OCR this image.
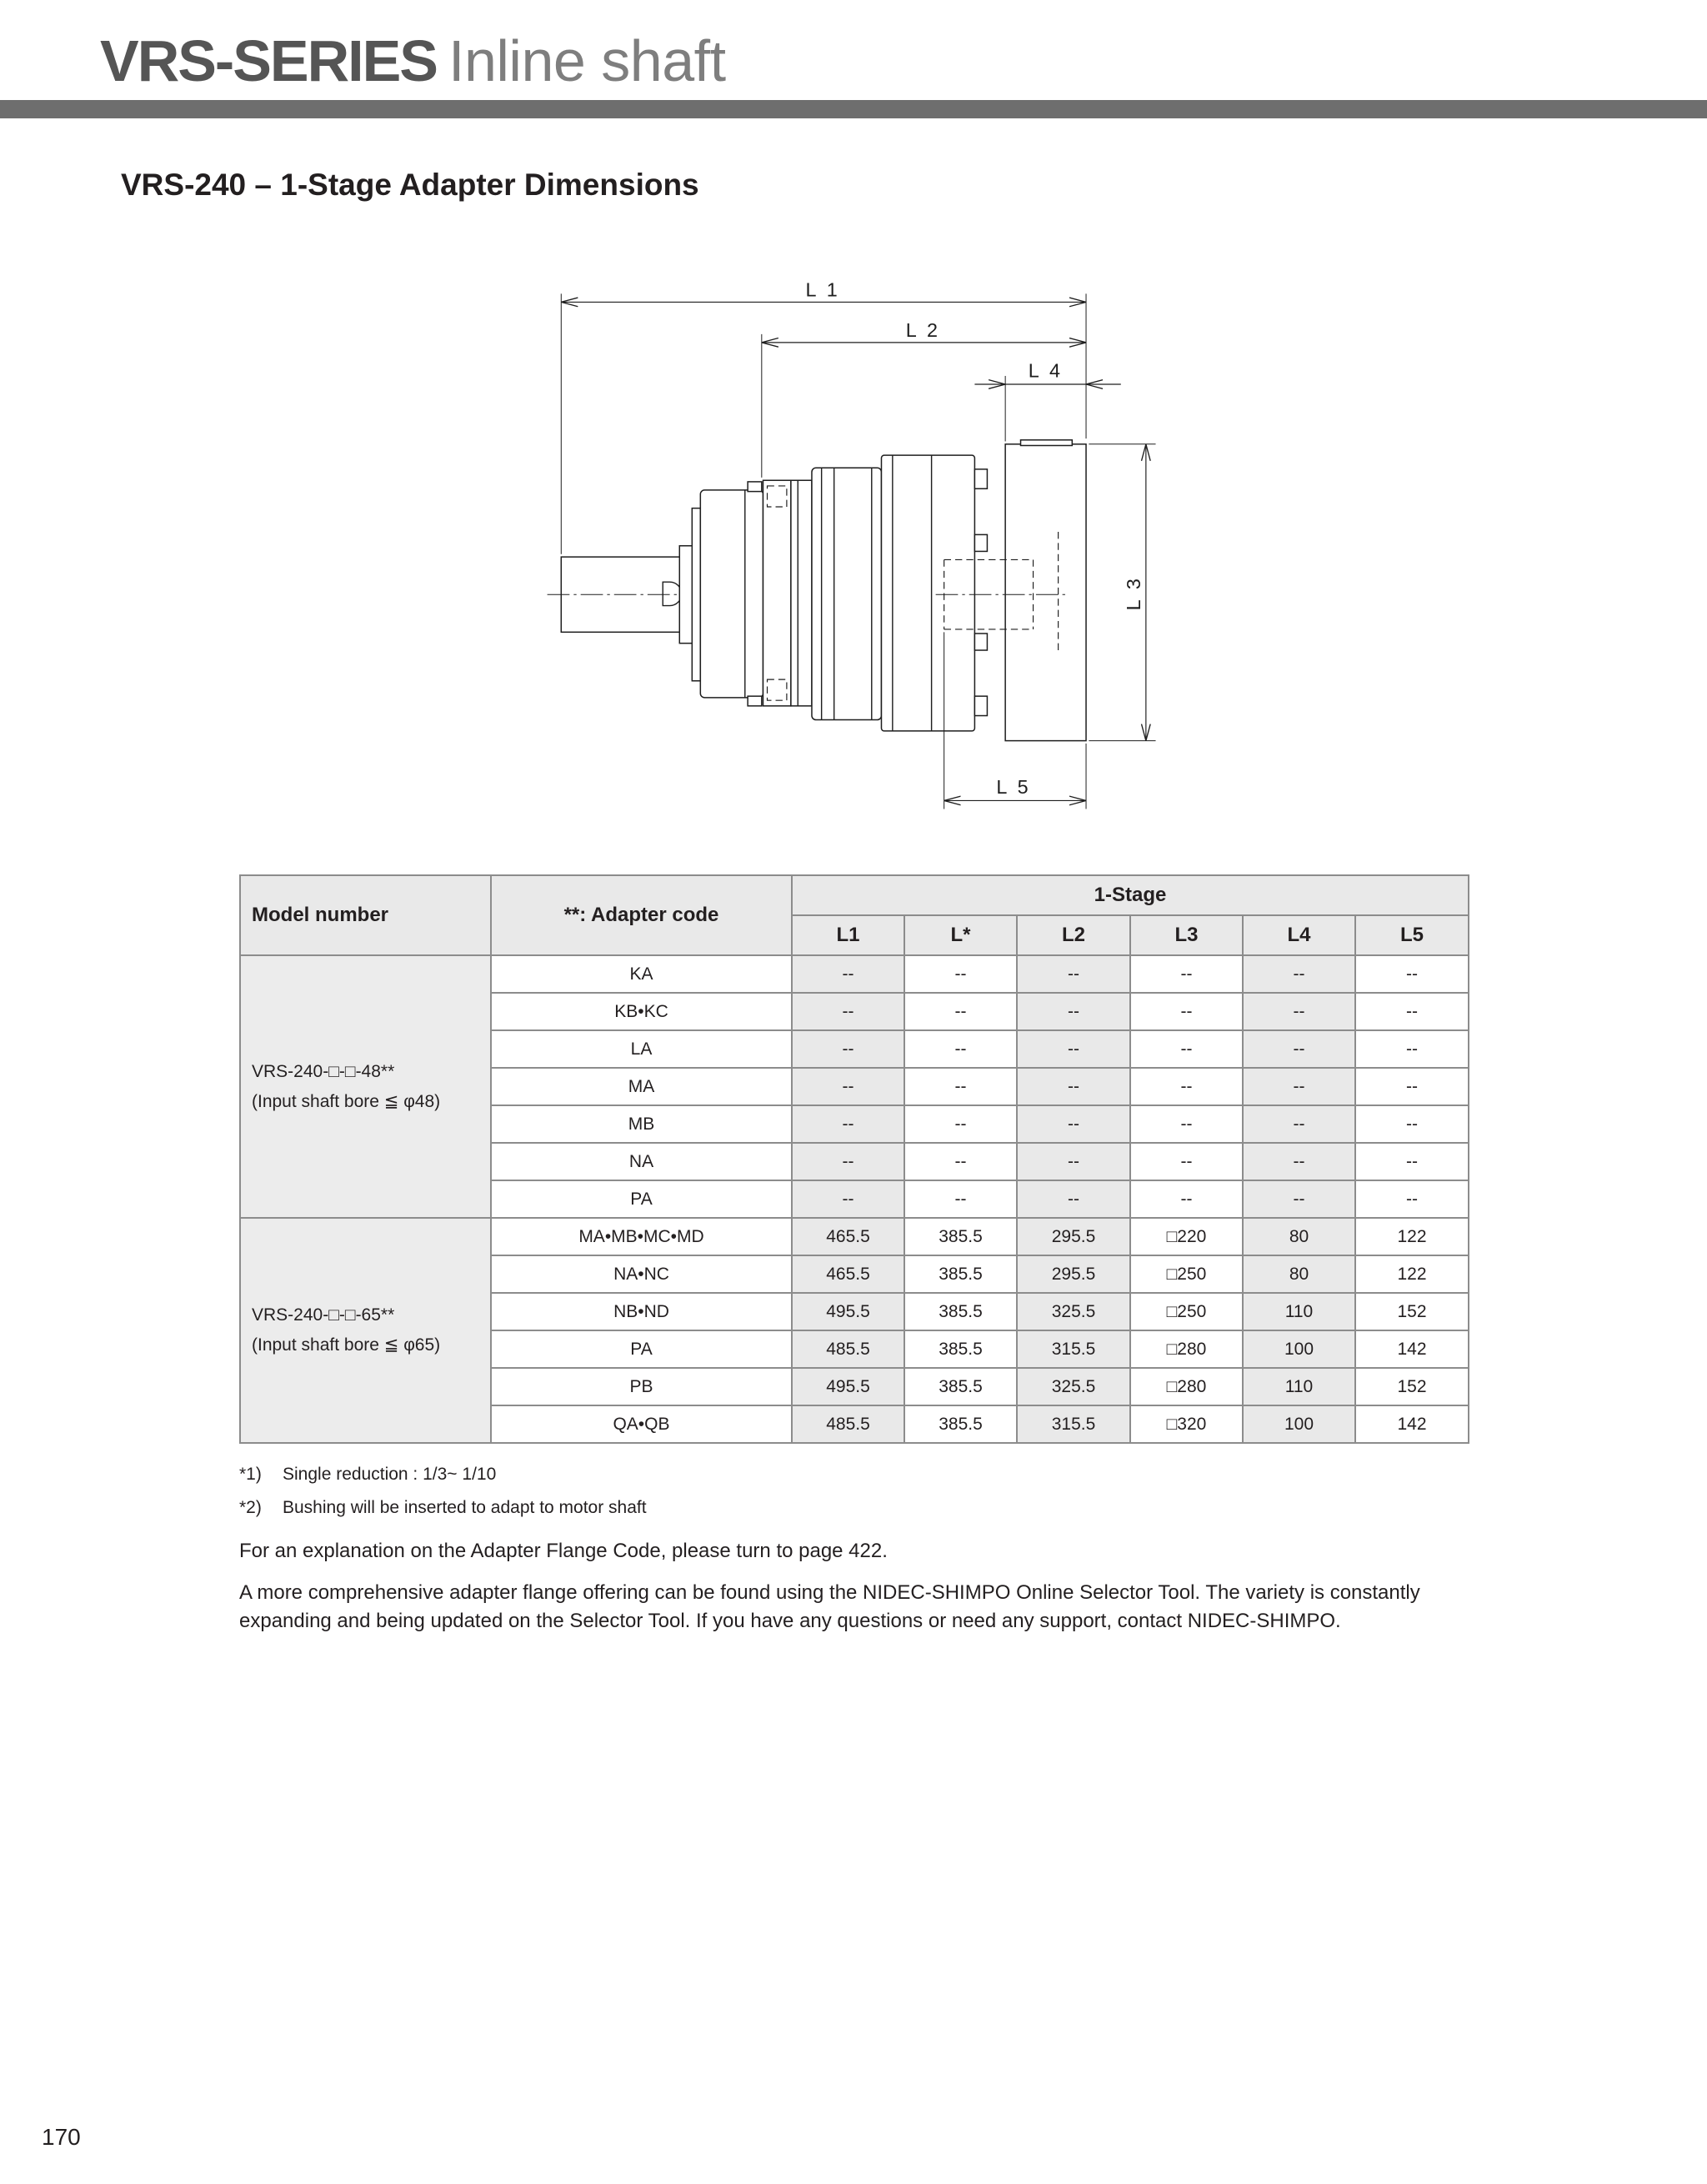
VRS-SERIES Inline shaft
VRS-240 – 1-Stage Adapter Dimensions
L 1
L 2
L 4
L 3
L 5
Model number	**: Adapter code	1-Stage					
		L1	L*	L2	L3	L4	L5

VRS-240-□-□-48**
(Input shaft bore ≦ φ48)	KA	--	--	--	--	--	--
	KB•KC	--	--	--	--	--	--
	LA	--	--	--	--	--	--
	MA	--	--	--	--	--	--
	MB	--	--	--	--	--	--
	NA	--	--	--	--	--	--
	PA	--	--	--	--	--	--

VRS-240-□-□-65**
(Input shaft bore ≦ φ65)	MA•MB•MC•MD	465.5	385.5	295.5	□220	80	122
	NA•NC	465.5	385.5	295.5	□250	80	122
	NB•ND	495.5	385.5	325.5	□250	110	152
	PA	485.5	385.5	315.5	□280	100	142
	PB	495.5	385.5	325.5	□280	110	152
	QA•QB	485.5	385.5	315.5	□320	100	142
*1) Single reduction : 1/3~ 1/10
*2) Bushing will be inserted to adapt to motor shaft
For an explanation on the Adapter Flange Code, please turn to page 422.
A more comprehensive adapter flange offering can be found using the NIDEC-SHIMPO Online Selector Tool. The variety is constantly
expanding and being updated on the Selector Tool. If you have any questions or need any support, contact NIDEC-SHIMPO.
170
